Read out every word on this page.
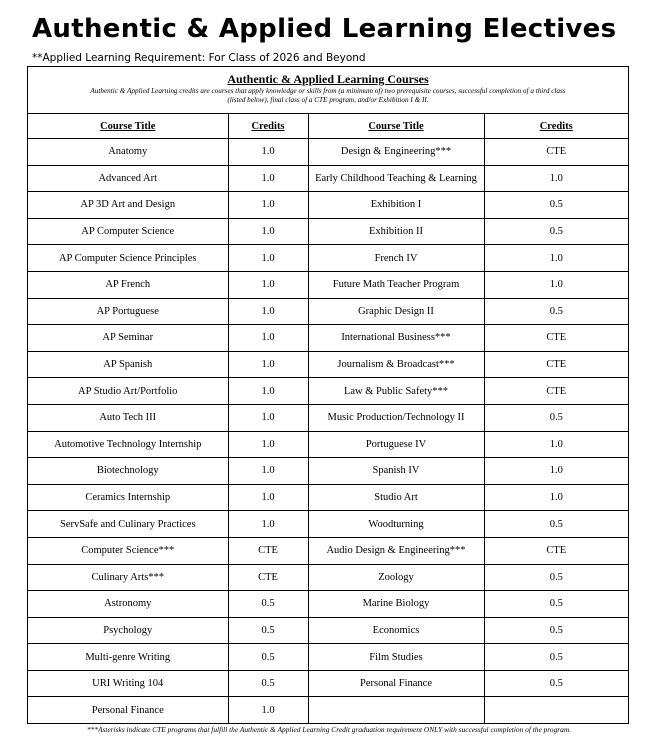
Authentic & Applied Learning Electives
**Applied Learning Requirement: For Class of 2026 and Beyond
Authentic & Applied Learning Courses
Authentic & Applied Learning credits are courses that apply knowledge or skills from (a minimum of) two prerequisite courses, successful completion of a third class
(listed below), final class of a CTE program, and/or Exhibition I & II.
Course Title	Credits	Course Title	Credits
Anatomy	1.0	Design & Engineering***	CTE
Advanced Art	1.0	Early Childhood Teaching & Learning	1.0
AP 3D Art and Design	1.0	Exhibition I	0.5
AP Computer Science	1.0	Exhibition II	0.5
AP Computer Science Principles	1.0	French IV	1.0
AP French	1.0	Future Math Teacher Program	1.0
AP Portuguese	1.0	Graphic Design II	0.5
AP Seminar	1.0	International Business***	CTE
AP Spanish	1.0	Journalism & Broadcast***	CTE
AP Studio Art/Portfolio	1.0	Law & Public Safety***	CTE
Auto Tech III	1.0	Music Production/Technology II	0.5
Automotive Technology Internship	1.0	Portuguese IV	1.0
Biotechnology	1.0	Spanish IV	1.0
Ceramics Internship	1.0	Studio Art	1.0
ServSafe and Culinary Practices	1.0	Woodturning	0.5
Computer Science***	CTE	Audio Design & Engineering***	CTE
Culinary Arts***	CTE	Zoology	0.5
Astronomy	0.5	Marine Biology	0.5
Psychology	0.5	Economics	0.5
Multi-genre Writing	0.5	Film Studies	0.5
URI Writing 104	0.5	Personal Finance	0.5
Personal Finance	1.0		
***Asterisks indicate CTE programs that fulfill the Authentic & Applied Learning Credit graduation requirement ONLY with successful completion of the program.
